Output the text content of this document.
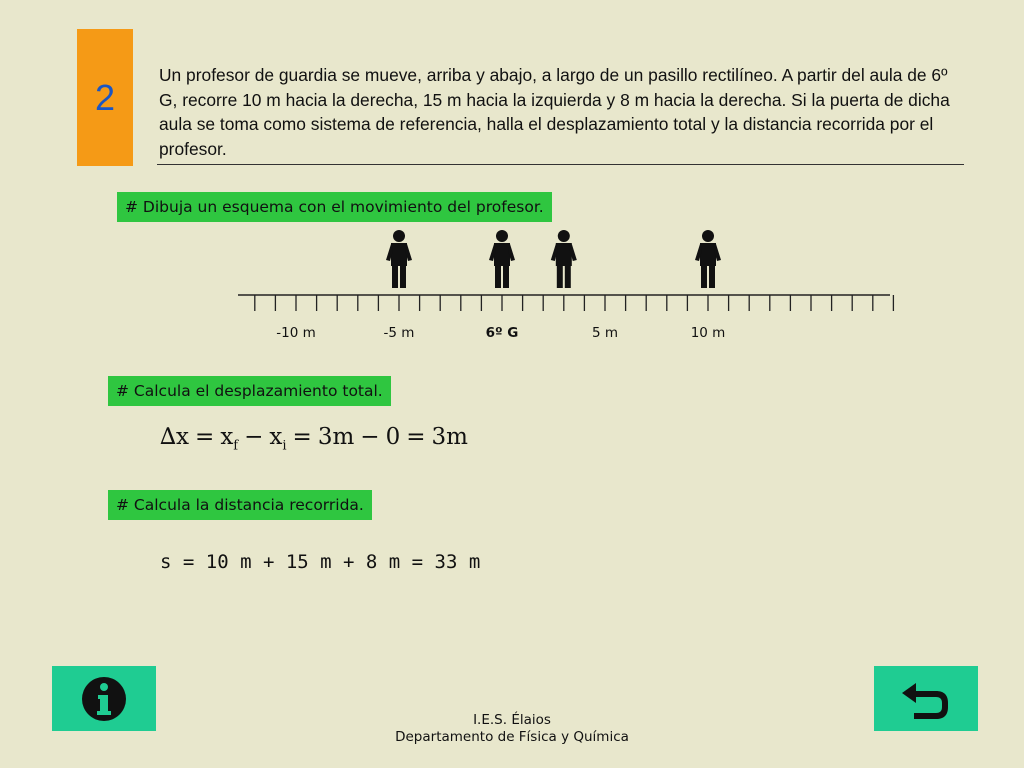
2
Un profesor de guardia se mueve, arriba y abajo, a largo de un pasillo rectilíneo. A partir del aula de 6º G, recorre 10 m hacia la derecha, 15 m hacia la izquierda y 8 m hacia la derecha. Si la puerta de dicha aula se toma como sistema de referencia, halla el desplazamiento total y la distancia recorrida por el profesor.
# Dibuja un esquema con el movimiento del profesor.
-10 m	-5 m	6º G	5 m	10 m
# Calcula el desplazamiento total.
$\Delta x = x_f - x_i = 3m - 0 = 3m$
# Calcula la distancia recorrida.
s = 10 m + 15 m + 8 m = 33 m
I.E.S. Élaios
Departamento de Física y Química
